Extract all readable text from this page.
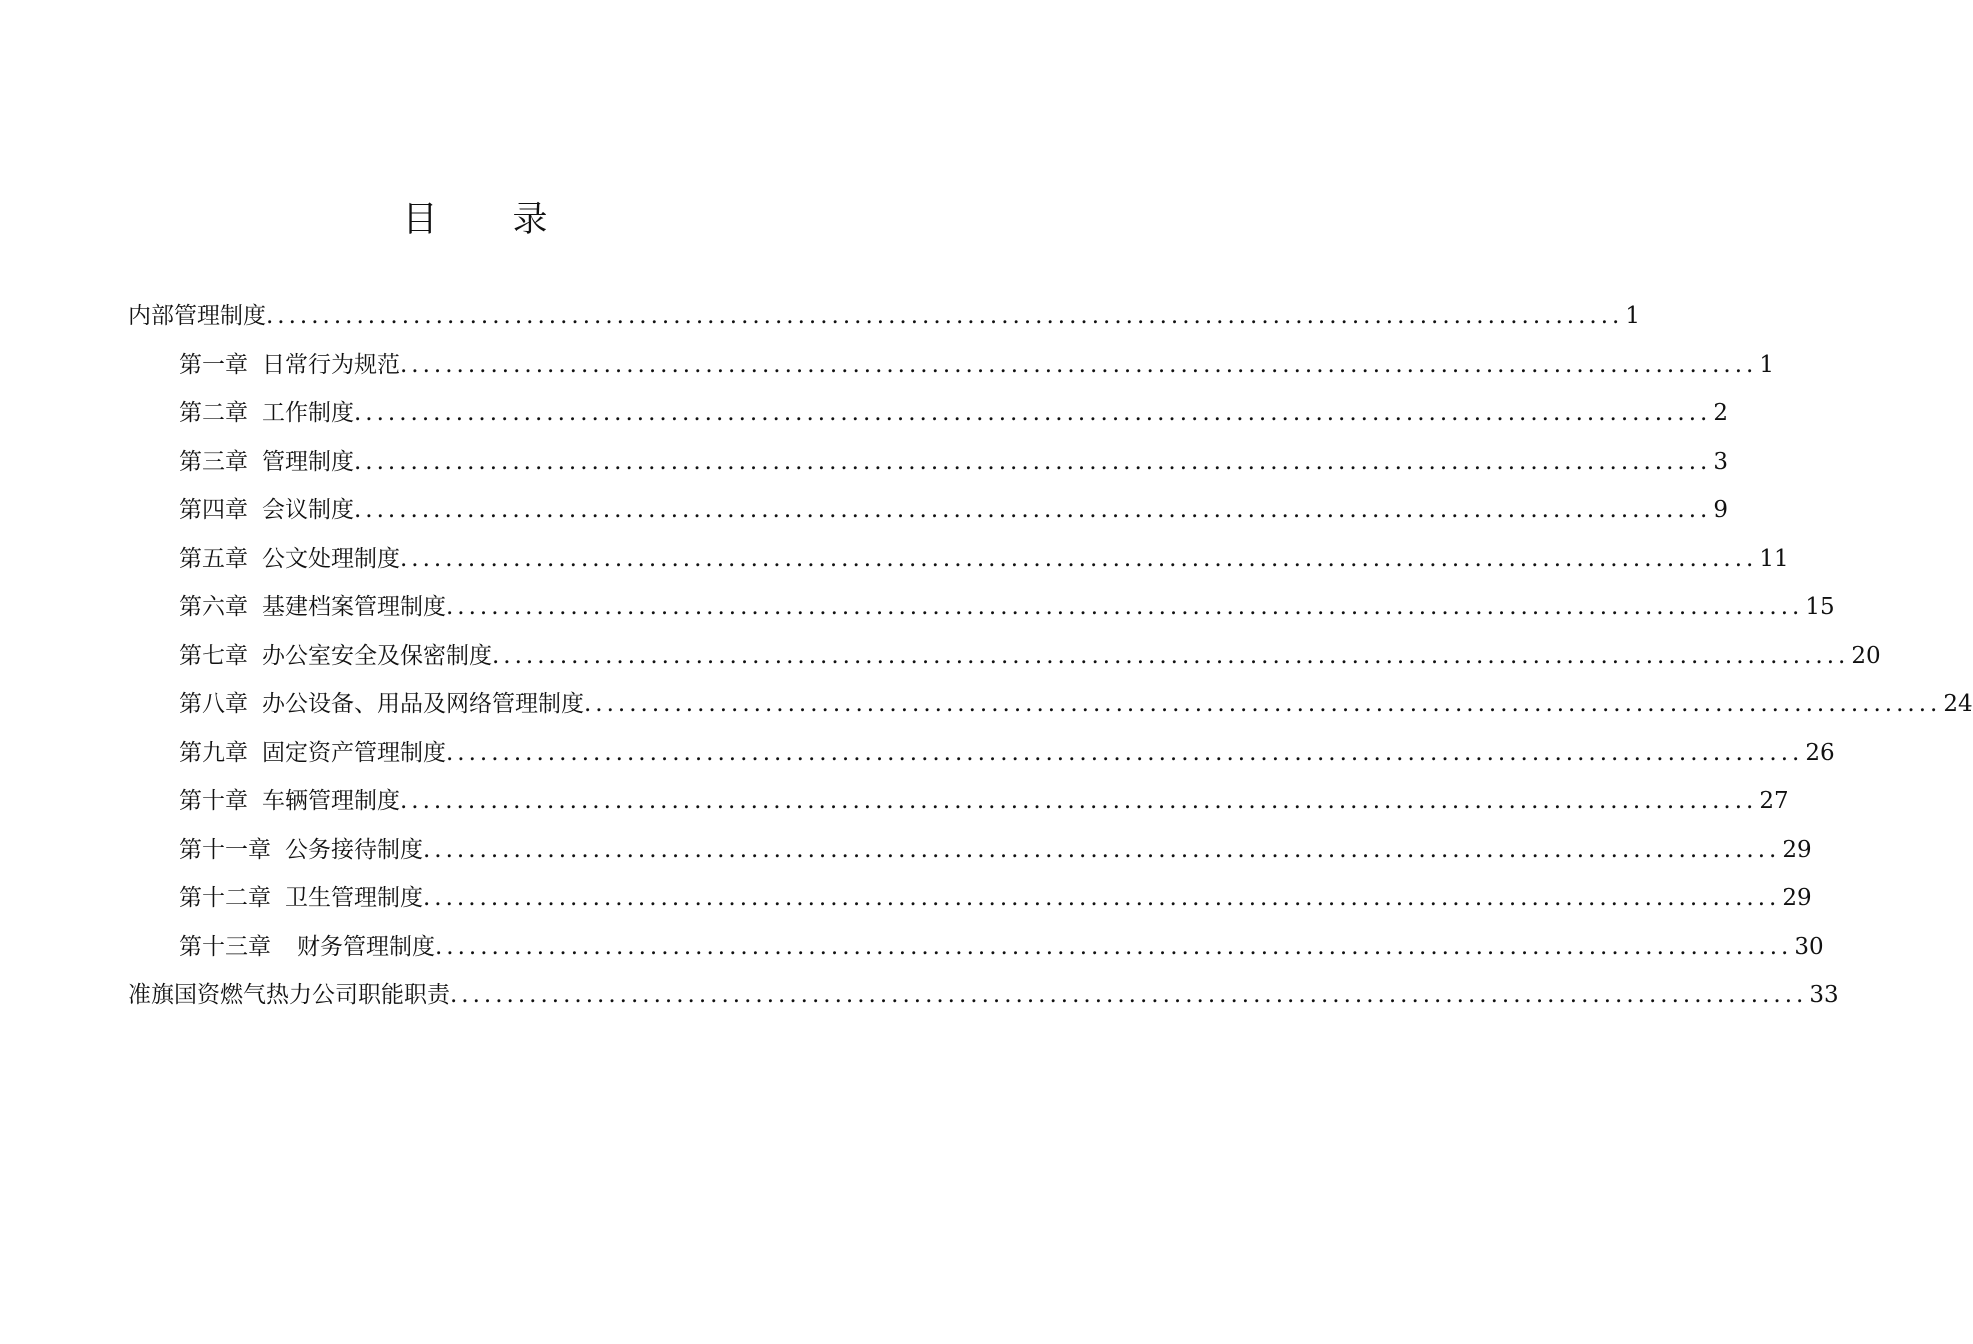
目 录
内部管理制度 ........................................................................................................................ 1
第一章 日常行为规范 ........................................................................................................................ 1
第二章 工作制度 ........................................................................................................................ 2
第三章 管理制度 ........................................................................................................................ 3
第四章 会议制度 ........................................................................................................................ 9
第五章 公文处理制度 ........................................................................................................................ 11
第六章 基建档案管理制度 ........................................................................................................................ 15
第七章 办公室安全及保密制度 ........................................................................................................................ 20
第八章 办公设备、用品及网络管理制度 ........................................................................................................................ 24
第九章 固定资产管理制度 ........................................................................................................................ 26
第十章 车辆管理制度 ........................................................................................................................ 27
第十一章 公务接待制度 ........................................................................................................................ 29
第十二章 卫生管理制度 ........................................................................................................................ 29
第十三章 财务管理制度 ........................................................................................................................ 30
准旗国资燃气热力公司职能职责 ........................................................................................................................ 33
